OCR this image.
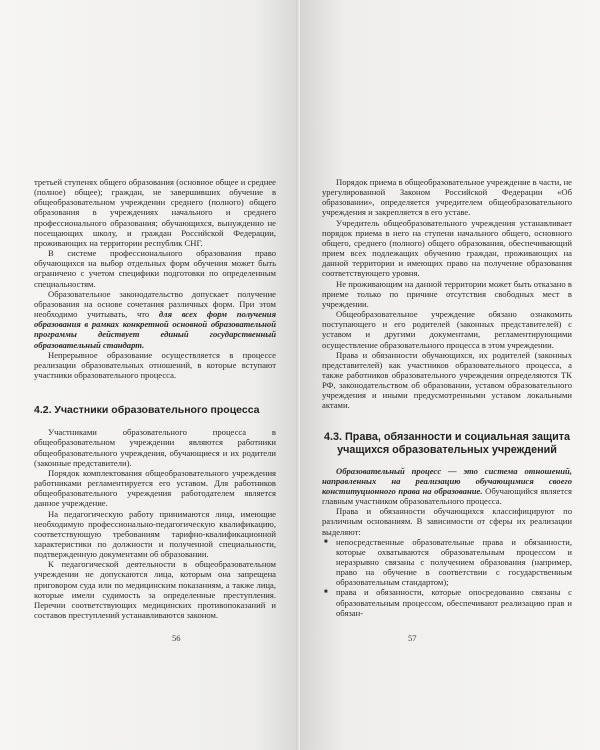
третьей ступенях общего образования (основное общее и среднее (полное) общее); граждан, не завершивших обучение в общеобразовательном учреждении среднего (полного) общего образования в учреждениях начального и среднего профессионального образования; обучающихся, вынужденно не посещающих школу, и граждан Российской Федерации, проживающих на территории республик СНГ.

В системе профессионального образования право обучающихся на выбор отдельных форм обучения может быть ограничено с учетом специфики подготовки по определенным специальностям.

Образовательное законодательство допускает получение образования на основе сочетания различных форм. При этом необходимо учитывать, что для всех форм получения образования в рамках конкретной основной образовательной программы действует единый государственный образовательный стандарт.

Непрерывное образование осуществляется в процессе реализации образовательных отношений, в которые вступают участники образовательного процесса.

4.2. Участники образовательного процесса

Участниками образовательного процесса в общеобразовательном учреждении являются работники общеобразовательного учреждения, обучающиеся и их родители (законные представители).

Порядок комплектования общеобразовательного учреждения работниками регламентируется его уставом. Для работников общеобразовательного учреждения работодателем является данное учреждение.

На педагогическую работу принимаются лица, имеющие необходимую профессионально-педагогическую квалификацию, соответствующую требованиям тарифно-квалификационной характеристики по должности и полученной специальности, подтвержденную документами об образовании.

К педагогической деятельности в общеобразовательном учреждении не допускаются лица, которым она запрещена приговором суда или по медицинским показаниям, а также лица, которые имели судимость за определенные преступления. Перечни соответствующих медицинских противопоказаний и составов преступлений устанавливаются законом.

56

Порядок приема в общеобразовательное учреждение в части, не урегулированной Законом Российской Федерации «Об образовании», определяется учредителем общеобразовательного учреждения и закрепляется в его уставе.

Учредитель общеобразовательного учреждения устанавливает порядок приема в него на ступени начального общего, основного общего, среднего (полного) общего образования, обеспечивающий прием всех подлежащих обучению граждан, проживающих на данной территории и имеющих право на получение образования соответствующего уровня.

Не проживающим на данной территории может быть отказано в приеме только по причине отсутствия свободных мест в учреждении.

Общеобразовательное учреждение обязано ознакомить поступающего и его родителей (законных представителей) с уставом и другими документами, регламентирующими осуществление образовательного процесса в этом учреждении.

Права и обязанности обучающихся, их родителей (законных представителей) как участников образовательного процесса, а также работников образовательного учреждения определяются ТК РФ, законодательством об образовании, уставом образовательного учреждения и иными предусмотренными уставом локальными актами.

4.3. Права, обязанности и социальная защита учащихся образовательных учреждений

Образовательный процесс — это система отношений, направленных на реализацию обучающимися своего конституционного права на образование. Обучающийся является главным участником образовательного процесса.

Права и обязанности обучающихся классифицируют по различным основаниям. В зависимости от сферы их реализации выделяют:

■ непосредственные образовательные права и обязанности, которые охватываются образовательным процессом и неразрывно связаны с получением образования (например, право на обучение в соответствии с государственным образовательным стандартом);
■ права и обязанности, которые опосредованно связаны с образовательным процессом, обеспечивают реализацию прав и обязан-
57
